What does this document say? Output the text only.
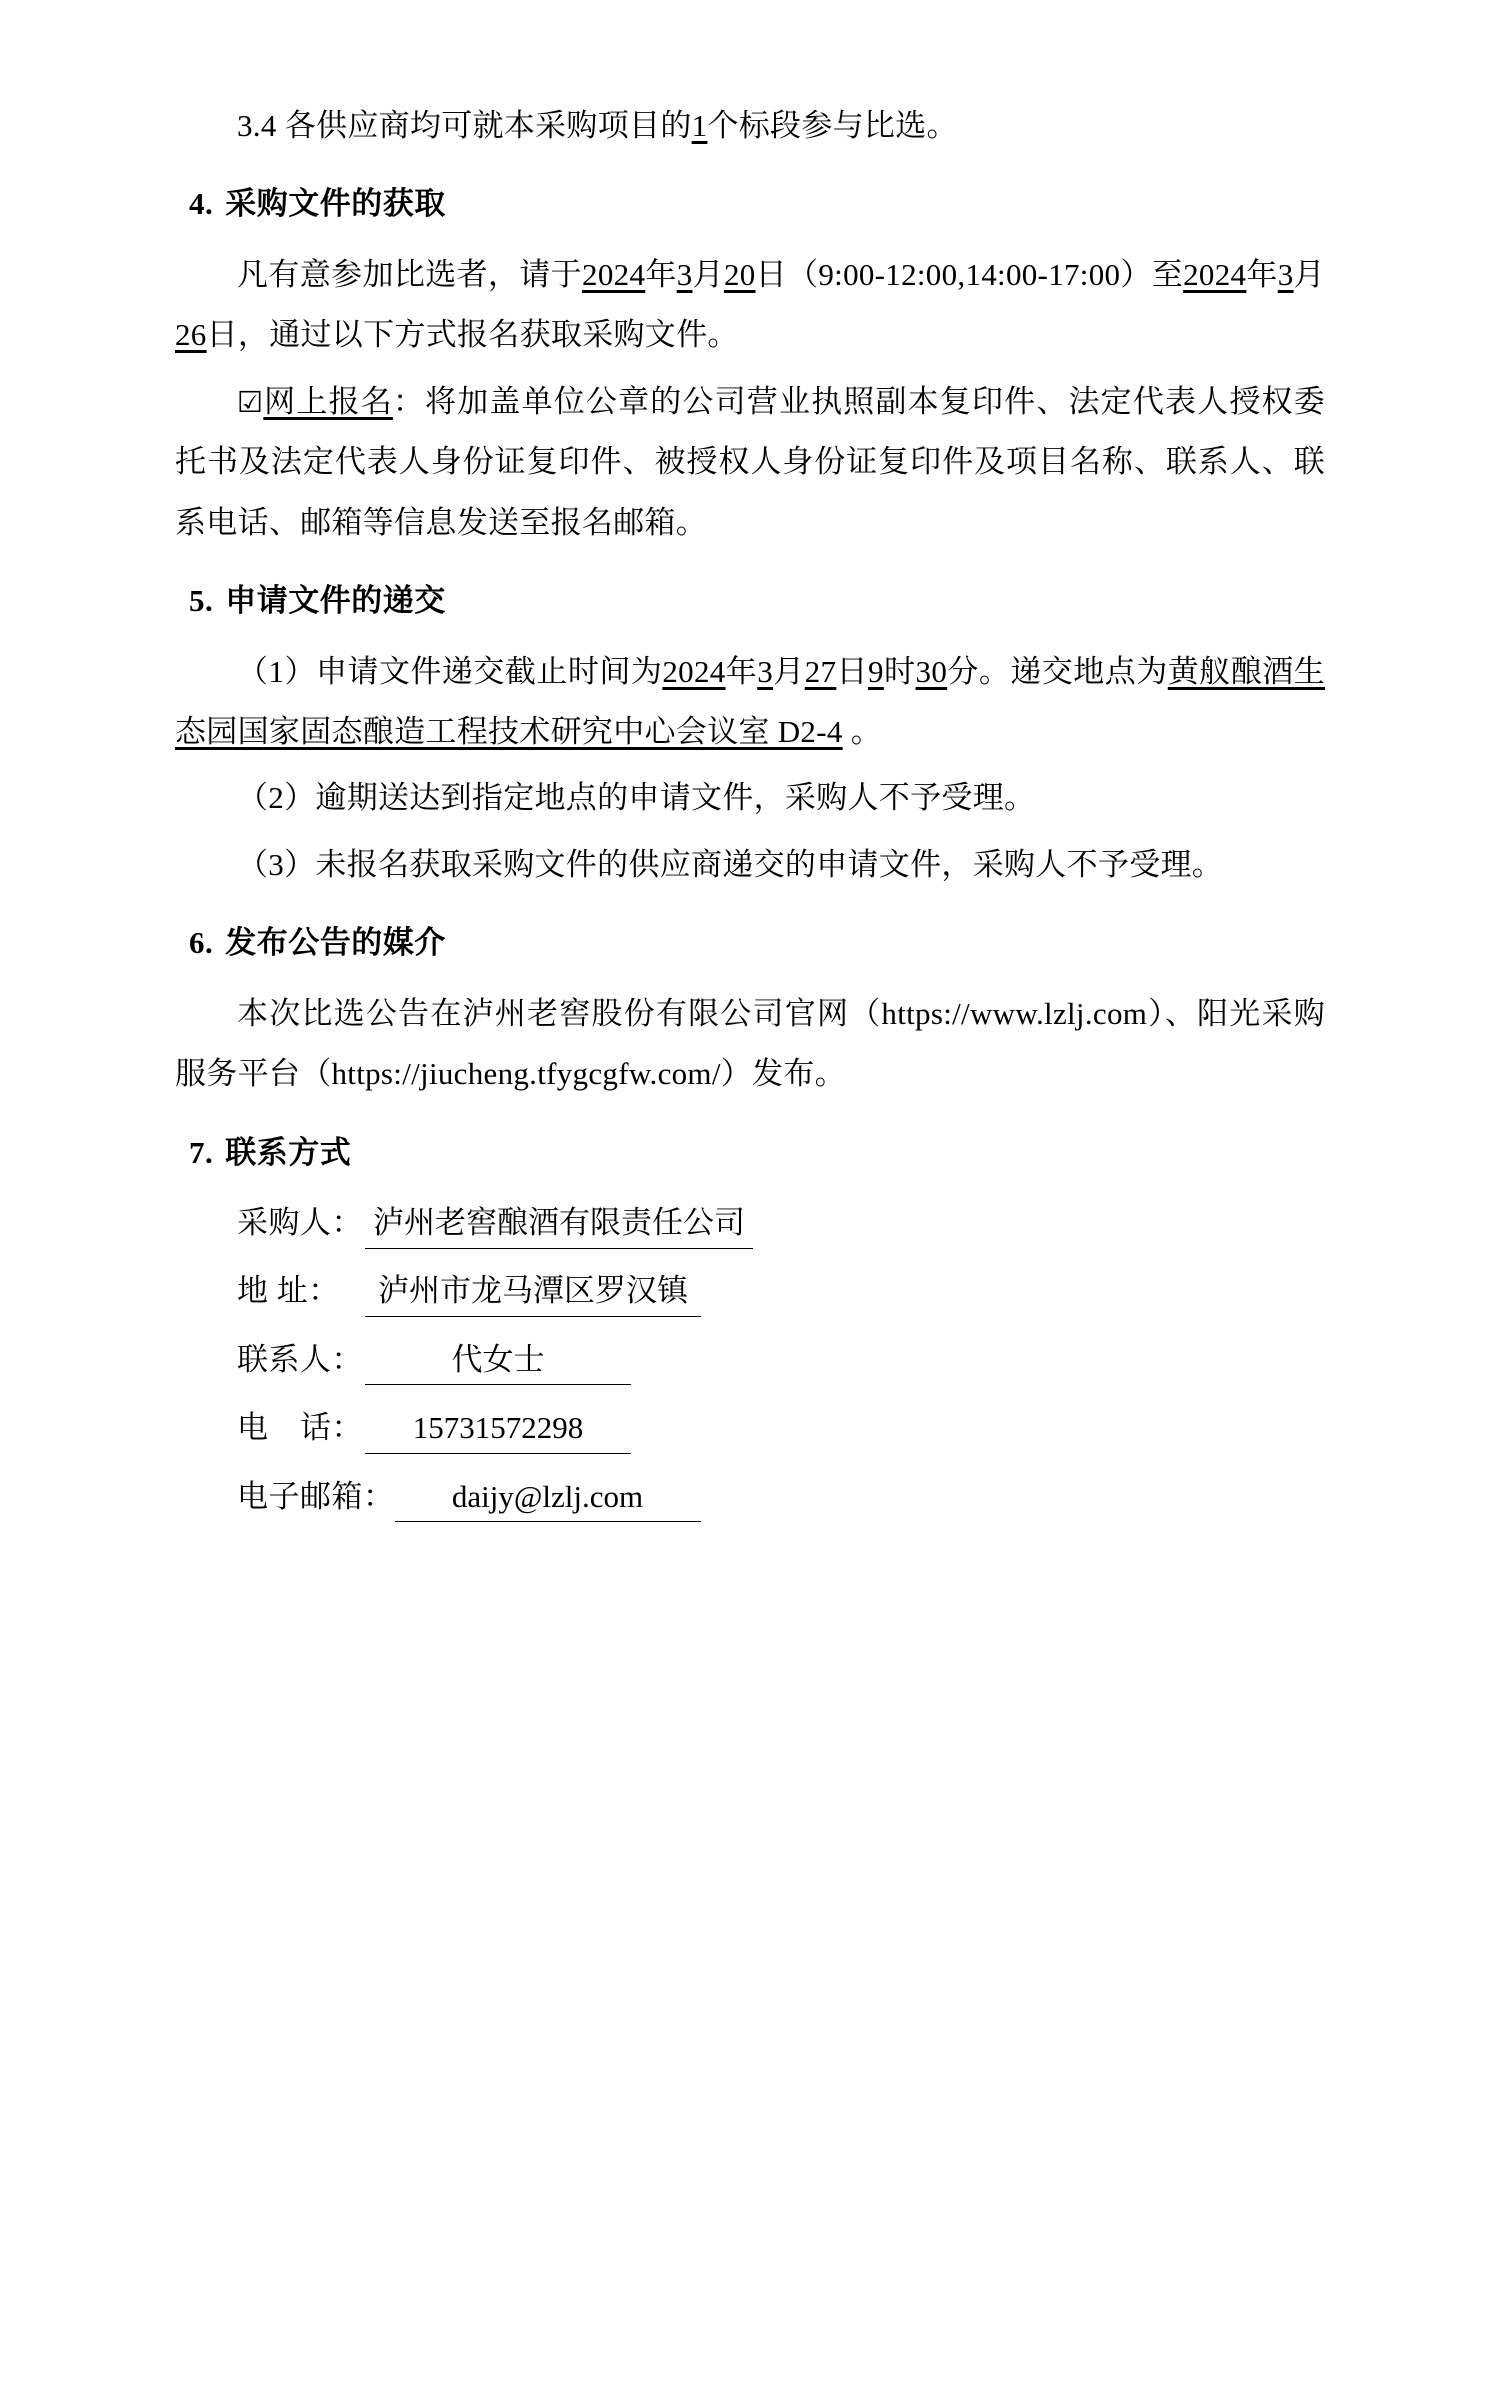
3.4 各供应商均可就本采购项目的1个标段参与比选。

4. 采购文件的获取

凡有意参加比选者，请于2024年3月20日（9:00-12:00,14:00-17:00）至2024年3月26日，通过以下方式报名获取采购文件。

☑网上报名：将加盖单位公章的公司营业执照副本复印件、法定代表人授权委托书及法定代表人身份证复印件、被授权人身份证复印件及项目名称、联系人、联系电话、邮箱等信息发送至报名邮箱。

5. 申请文件的递交

（1）申请文件递交截止时间为2024年3月27日9时30分。递交地点为黄舣酿酒生态园国家固态酿造工程技术研究中心会议室 D2-4 。

（2）逾期送达到指定地点的申请文件，采购人不予受理。

（3）未报名获取采购文件的供应商递交的申请文件，采购人不予受理。

6. 发布公告的媒介

本次比选公告在泸州老窖股份有限公司官网（https://www.lzlj.com）、阳光采购服务平台（https://jiucheng.tfygcgfw.com/）发布。

7. 联系方式

采购人： 泸州老窖酿酒有限责任公司
地 址： 泸州市龙马潭区罗汉镇
联系人：	代女士
电　话： 15731572298
电子邮箱： daijy@lzlj.com
